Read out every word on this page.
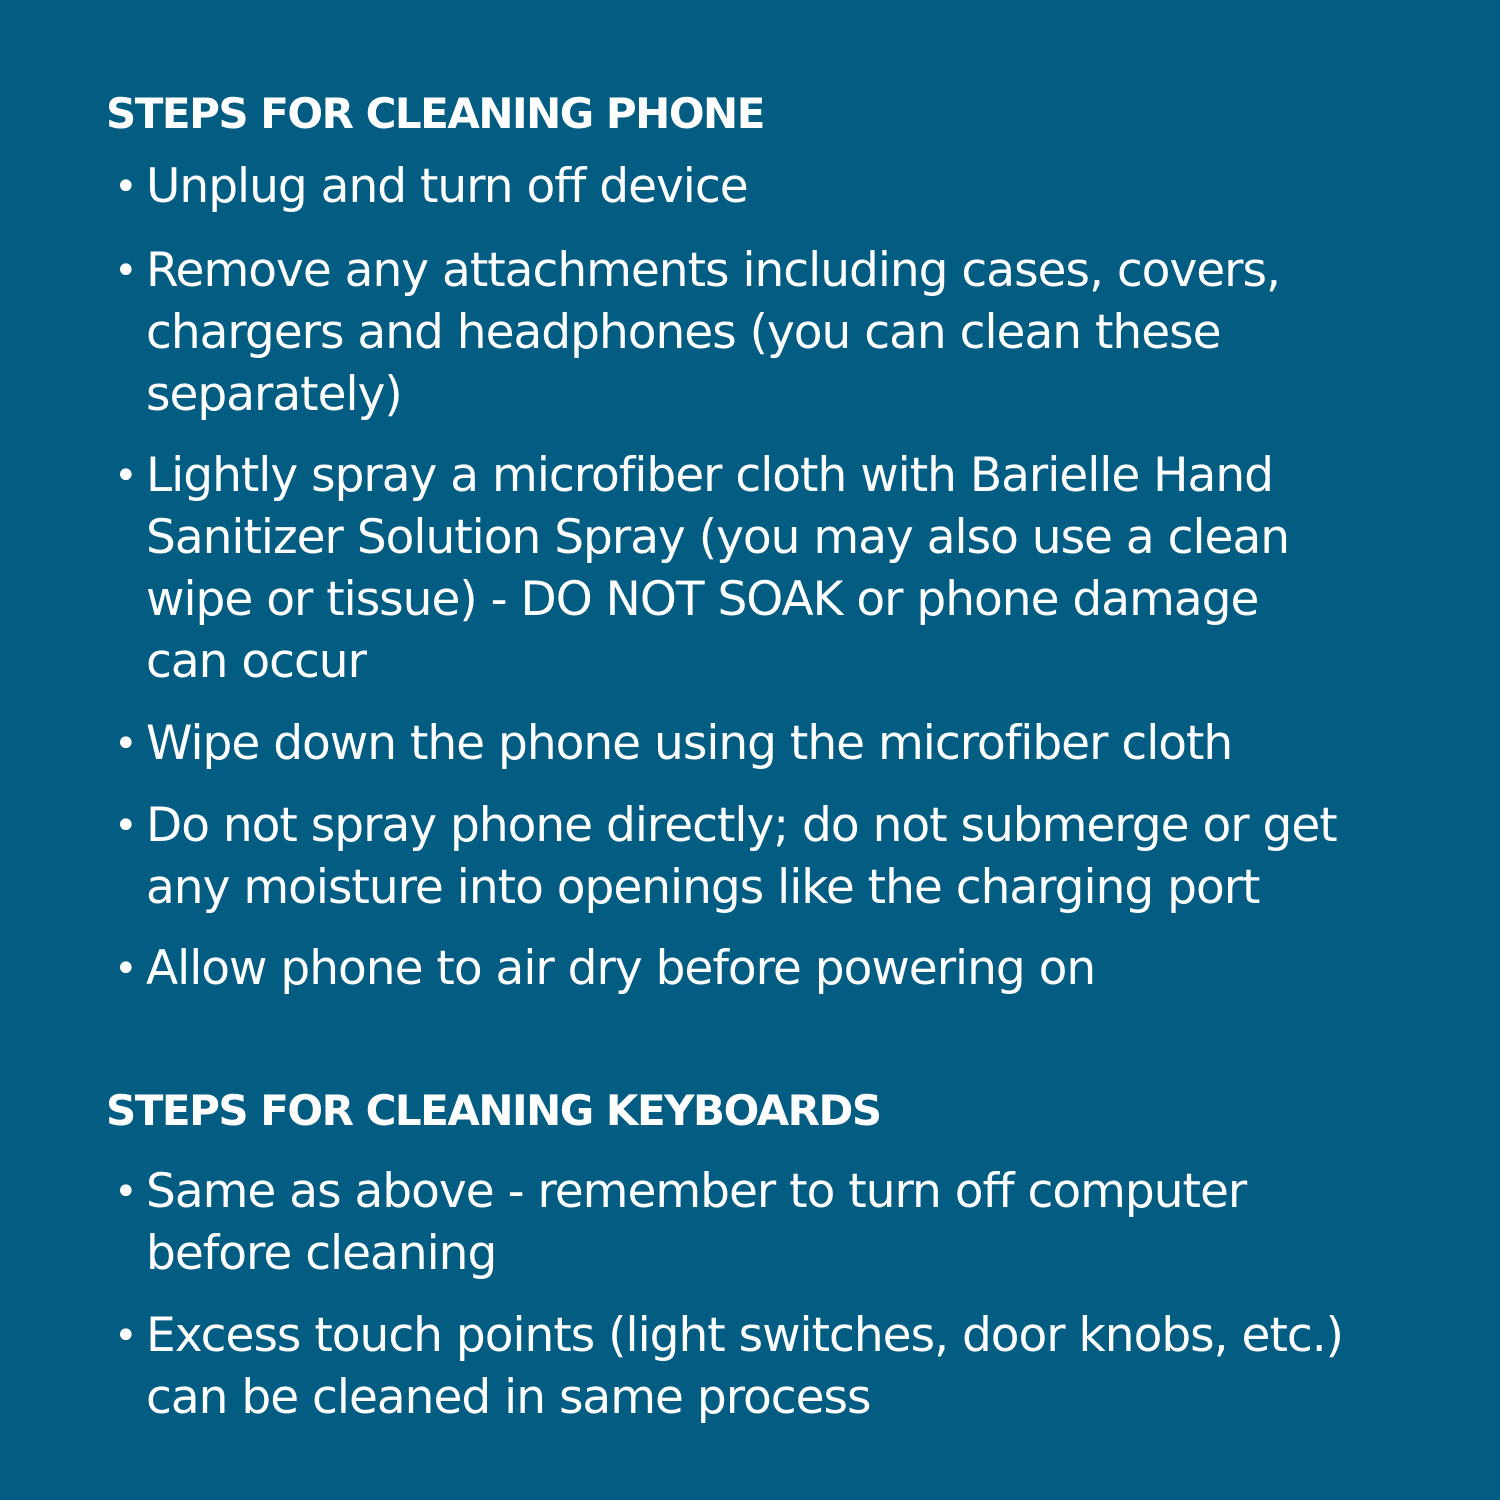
STEPS FOR CLEANING PHONE
• Unplug and turn off device
• Remove any attachments including cases, covers,
chargers and headphones (you can clean these
separately)
• Lightly spray a microfiber cloth with Barielle Hand
Sanitizer Solution Spray (you may also use a clean
wipe or tissue) - DO NOT SOAK or phone damage
can occur
• Wipe down the phone using the microfiber cloth
• Do not spray phone directly; do not submerge or get
any moisture into openings like the charging port
• Allow phone to air dry before powering on
STEPS FOR CLEANING KEYBOARDS
• Same as above - remember to turn off computer
before cleaning
• Excess touch points (light switches, door knobs, etc.)
can be cleaned in same process
